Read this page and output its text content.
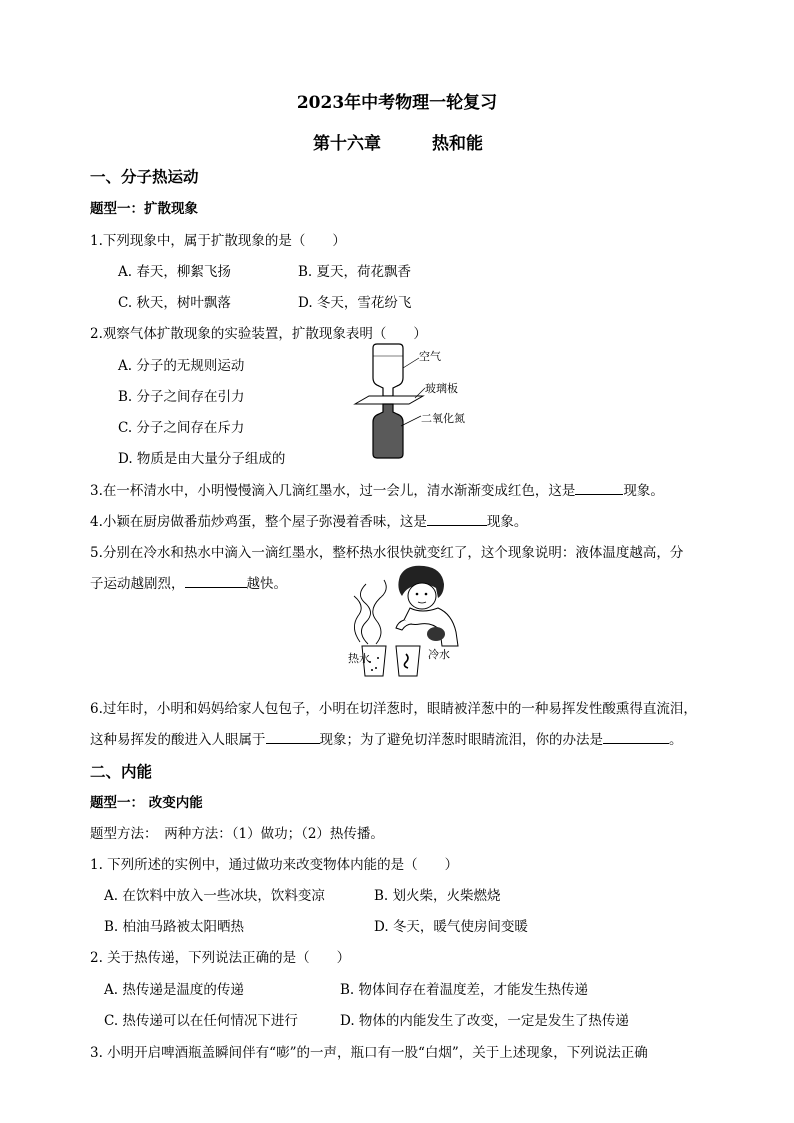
2023年中考物理一轮复习
第十六章	热和能
一、分子热运动
题型一：扩散现象
1.下列现象中，属于扩散现象的是（　　）
A. 春天，柳絮飞扬	B. 夏天，荷花飘香
C. 秋天，树叶飘落	D. 冬天，雪花纷飞
2.观察气体扩散现象的实验装置，扩散现象表明（　　）
A. 分子的无规则运动
B. 分子之间存在引力
C. 分子之间存在斥力
D. 物质是由大量分子组成的
空气
玻璃板
二氧化氮
3.在一杯清水中，小明慢慢滴入几滴红墨水，过一会儿，清水渐渐变成红色，这是	现象。
4.小颖在厨房做番茄炒鸡蛋，整个屋子弥漫着香味，这是	现象。
5.分别在冷水和热水中滴入一滴红墨水，整杯热水很快就变红了，这个现象说明：液体温度越高，分
子运动越剧烈，	越快。
热水	冷水
6.过年时，小明和妈妈给家人包包子，小明在切洋葱时，眼睛被洋葱中的一种易挥发性酸熏得直流泪，
这种易挥发的酸进入人眼属于	现象；为了避免切洋葱时眼睛流泪，你的办法是	。
二、内能
题型一： 改变内能
题型方法：　两种方法：（1）做功；（2）热传播。
1. 下列所述的实例中，通过做功来改变物体内能的是（　　）
A. 在饮料中放入一些冰块，饮料变凉	B. 划火柴，火柴燃烧
B. 柏油马路被太阳晒热	D. 冬天，暖气使房间变暖
2. 关于热传递，下列说法正确的是（　　）
A. 热传递是温度的传递	B. 物体间存在着温度差，才能发生热传递
C. 热传递可以在任何情况下进行	D. 物体的内能发生了改变，一定是发生了热传递
3. 小明开启啤酒瓶盖瞬间伴有“嘭”的一声，瓶口有一股“白烟”，关于上述现象，下列说法正确
